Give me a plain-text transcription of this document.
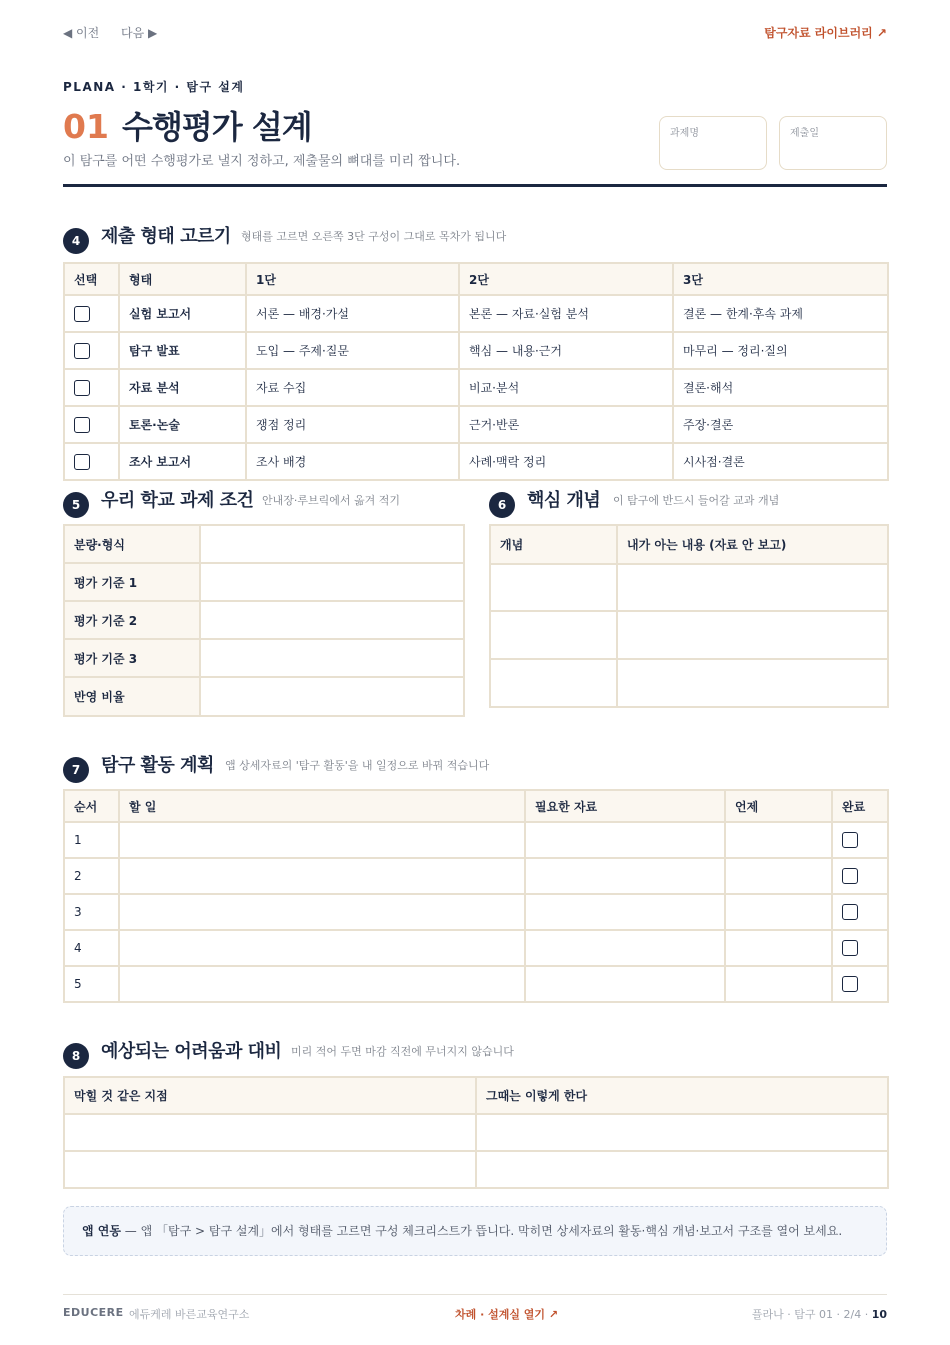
◀ 이전 다음 ▶	탐구자료 라이브러리 ↗
PLANA · 1학기 · 탐구 설계
01 수행평가 설계
이 탐구를 어떤 수행평가로 낼지 정하고, 제출물의 뼈대를 미리 짭니다.
과제명	제출일
4	제출 형태 고르기 형태를 고르면 오른쪽 3단 구성이 그대로 목차가 됩니다
선택	형태	1단	2단	3단
	실험 보고서	서론 — 배경·가설	본론 — 자료·실험 분석	결론 — 한계·후속 과제
	탐구 발표	도입 — 주제·질문	핵심 — 내용·근거	마무리 — 정리·질의
	자료 분석	자료 수집	비교·분석	결론·해석
	토론·논술	쟁점 정리	근거·반론	주장·결론
	조사 보고서	조사 배경	사례·맥락 정리	시사점·결론
5	우리 학교 과제 조건 안내장·루브릭에서 옮겨 적기
분량·형식	
평가 기준 1	
평가 기준 2	
평가 기준 3	
반영 비율	
6	핵심 개념 이 탐구에 반드시 들어갈 교과 개념
개념	내가 아는 내용 (자료 안 보고)

7	탐구 활동 계획 앱 상세자료의 '탐구 활동'을 내 일정으로 바꿔 적습니다
순서	할 일	필요한 자료	언제	완료
1				
2				
3				
4				
5				
8	예상되는 어려움과 대비 미리 적어 두면 마감 직전에 무너지지 않습니다
막힐 것 같은 지점	그때는 이렇게 한다

앱 연동 — 앱 「탐구 > 탐구 설계」에서 형태를 고르면 구성 체크리스트가 뜹니다. 막히면 상세자료의 활동·핵심 개념·보고서 구조를 열어 보세요.
EDUCERE 에듀케레 바른교육연구소	차례 · 설계실 열기 ↗	플라나 · 탐구 01 · 2/4 · 10
